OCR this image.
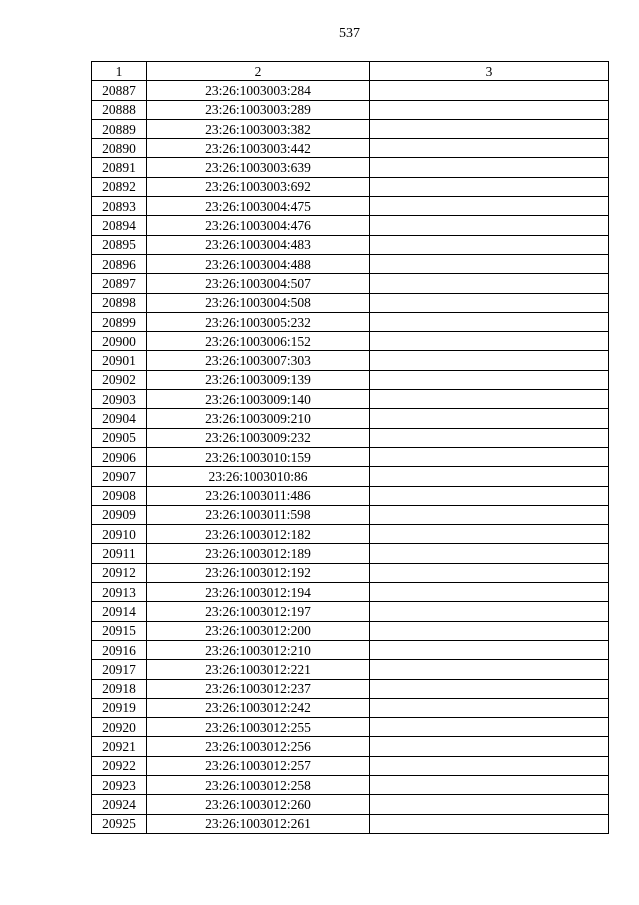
537
1	2	3
20887	23:26:1003003:284	
20888	23:26:1003003:289	
20889	23:26:1003003:382	
20890	23:26:1003003:442	
20891	23:26:1003003:639	
20892	23:26:1003003:692	
20893	23:26:1003004:475	
20894	23:26:1003004:476	
20895	23:26:1003004:483	
20896	23:26:1003004:488	
20897	23:26:1003004:507	
20898	23:26:1003004:508	
20899	23:26:1003005:232	
20900	23:26:1003006:152	
20901	23:26:1003007:303	
20902	23:26:1003009:139	
20903	23:26:1003009:140	
20904	23:26:1003009:210	
20905	23:26:1003009:232	
20906	23:26:1003010:159	
20907	23:26:1003010:86	
20908	23:26:1003011:486	
20909	23:26:1003011:598	
20910	23:26:1003012:182	
20911	23:26:1003012:189	
20912	23:26:1003012:192	
20913	23:26:1003012:194	
20914	23:26:1003012:197	
20915	23:26:1003012:200	
20916	23:26:1003012:210	
20917	23:26:1003012:221	
20918	23:26:1003012:237	
20919	23:26:1003012:242	
20920	23:26:1003012:255	
20921	23:26:1003012:256	
20922	23:26:1003012:257	
20923	23:26:1003012:258	
20924	23:26:1003012:260	
20925	23:26:1003012:261	
